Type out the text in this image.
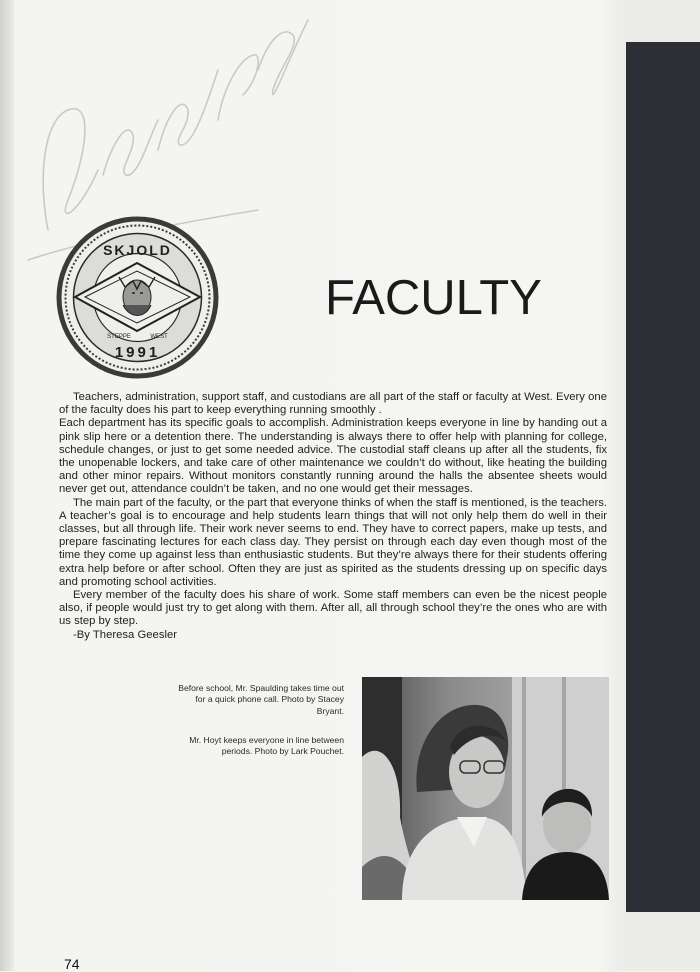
SKJOLD
STEPPE	WEST
1991
FACULTY

Teachers, administration, support staff, and custodians are all part of the staff or faculty at West. Every one of the faculty does his part to keep everything running smoothly .

Each department has its specific goals to accomplish. Administration keeps everyone in line by handing out a pink slip here or a detention there. The understanding is always there to offer help with planning for college, schedule changes, or just to get some needed advice. The custodial staff cleans up after all the students, fix the unopenable lockers, and take care of other maintenance we couldn’t do without, like heating the building and other minor repairs. Without monitors constantly running around the halls the absentee sheets would never get out, attendance couldn’t be taken, and no one would get their messages.

The main part of the faculty, or the part that everyone thinks of when the staff is mentioned, is the teachers. A teacher’s goal is to encourage and help students learn things that will not only help them do well in their classes, but all through life. Their work never seems to end. They have to correct papers, make up tests, and prepare fascinating lectures for each class day. They persist on through each day even though most of the time they come up against less than enthusiastic students. But they’re always there for their students offering extra help before or after school. Often they are just as spirited as the students dressing up on specific days and promoting school activities.

Every member of the faculty does his share of work. Some staff members can even be the nicest people also, if people would just try to get along with them. After all, all through school they’re the ones who are with us step by step.

-By Theresa Geesler

Before school, Mr. Spaulding takes time out for a quick phone call. Photo by Stacey Bryant.
Mr. Hoyt keeps everyone in line between periods. Photo by Lark Pouchet.
74
